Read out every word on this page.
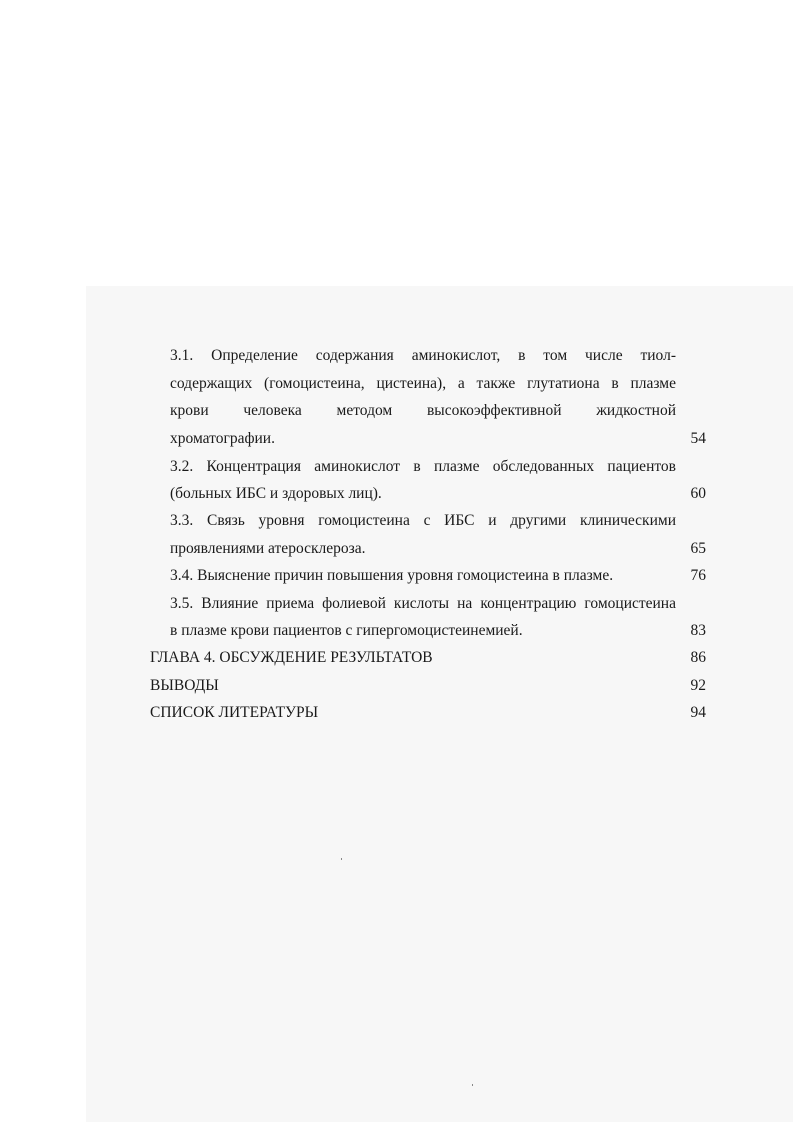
3.1. Определение содержания аминокислот, в том числе тиол-
содержащих (гомоцистеина, цистеина), а также глутатиона в плазме
крови человека методом высокоэффективной жидкостной
хроматографии.	54
3.2. Концентрация аминокислот в плазме обследованных пациентов
(больных ИБС и здоровых лиц).	60
3.3. Связь уровня гомоцистеина с ИБС и другими клиническими
проявлениями атеросклероза.	65
3.4. Выяснение причин повышения уровня гомоцистеина в плазме.	76
3.5. Влияние приема фолиевой кислоты на концентрацию гомоцистеина
в плазме крови пациентов с гипергомоцистеинемией.	83
ГЛАВА 4. ОБСУЖДЕНИЕ РЕЗУЛЬТАТОВ	86
ВЫВОДЫ	92
СПИСОК ЛИТЕРАТУРЫ	94
